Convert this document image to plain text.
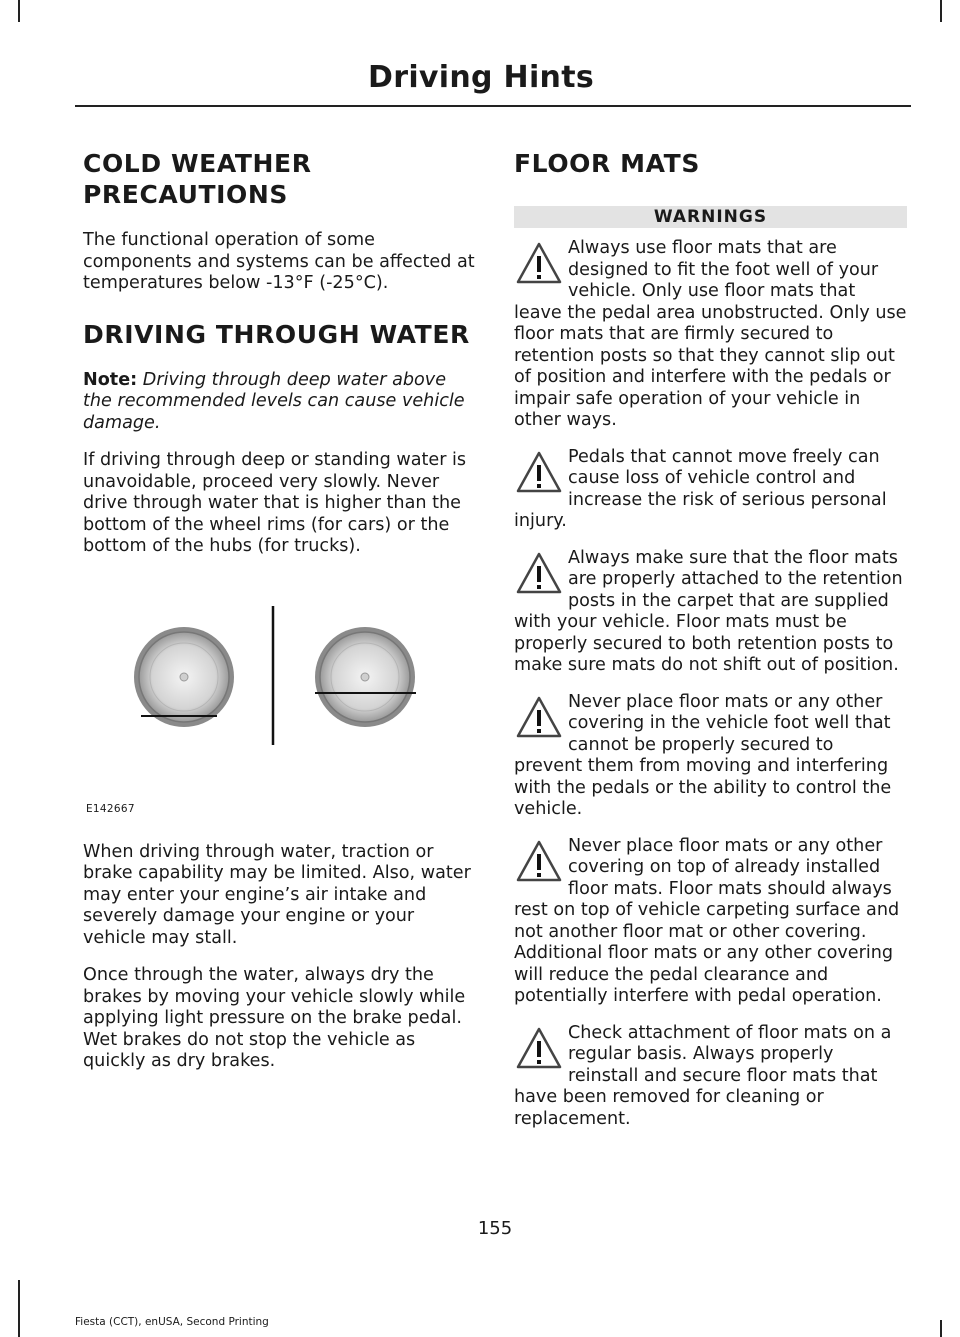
Driving Hints
COLD WEATHER
PRECAUTIONS

The functional operation of some components and systems can be affected at temperatures below -13°F (-25°C).

DRIVING THROUGH WATER

Note: Driving through deep water above the recommended levels can cause vehicle damage.

If driving through deep or standing water is unavoidable, proceed very slowly. Never drive through water that is higher than the bottom of the wheel rims (for cars) or the bottom of the hubs (for trucks).

E142667

When driving through water, traction or brake capability may be limited. Also, water may enter your engine’s air intake and severely damage your engine or your vehicle may stall.

Once through the water, always dry the brakes by moving your vehicle slowly while applying light pressure on the brake pedal. Wet brakes do not stop the vehicle as quickly as dry brakes.

FLOOR MATS
WARNINGS
Always use floor mats that are designed to fit the foot well of your vehicle. Only use floor mats that leave the pedal area unobstructed. Only use floor mats that are firmly secured to retention posts so that they cannot slip out of position and interfere with the pedals or impair safe operation of your vehicle in other ways.
Pedals that cannot move freely can cause loss of vehicle control and increase the risk of serious personal injury.
Always make sure that the floor mats are properly attached to the retention posts in the carpet that are supplied with your vehicle. Floor mats must be properly secured to both retention posts to make sure mats do not shift out of position.
Never place floor mats or any other covering in the vehicle foot well that cannot be properly secured to prevent them from moving and interfering with the pedals or the ability to control the vehicle.
Never place floor mats or any other covering on top of already installed floor mats. Floor mats should always rest on top of vehicle carpeting surface and not another floor mat or other covering. Additional floor mats or any other covering will reduce the pedal clearance and potentially interfere with pedal operation.
Check attachment of floor mats on a regular basis. Always properly reinstall and secure floor mats that have been removed for cleaning or replacement.
155
Fiesta (CCT), enUSA, Second Printing
